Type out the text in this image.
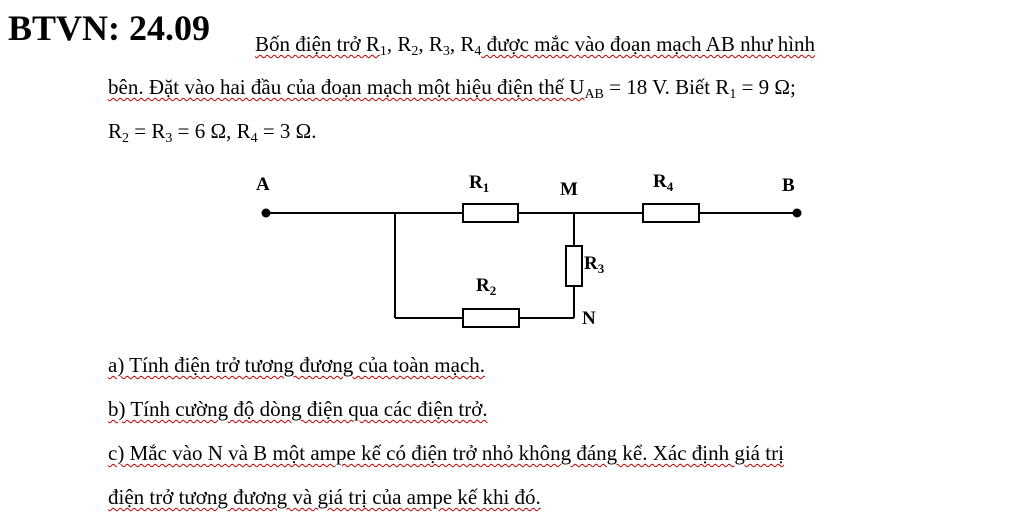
BTVN: 24.09 Bốn điện trở $R_1$, $R_2$, $R_3$, $R_4$ được mắc vào đoạn mạch AB như hình
bên. Đặt vào hai đầu của đoạn mạch một hiệu điện thế $U_{AB} = 18$ V. Biết $R_1 = 9$ Ω;
$R_2 = R_3 = 6$ Ω, $R_4 = 3$ Ω.
A	B
M
N
$R_1$	$R_4$
$R_3$
$R_2$
a) Tính điện trở tương đương của toàn mạch.
b) Tính cường độ dòng điện qua các điện trở.
c) Mắc vào N và B một ampe kế có điện trở nhỏ không đáng kể. Xác định giá trị
điện trở tương đương và giá trị của ampe kế khi đó.
